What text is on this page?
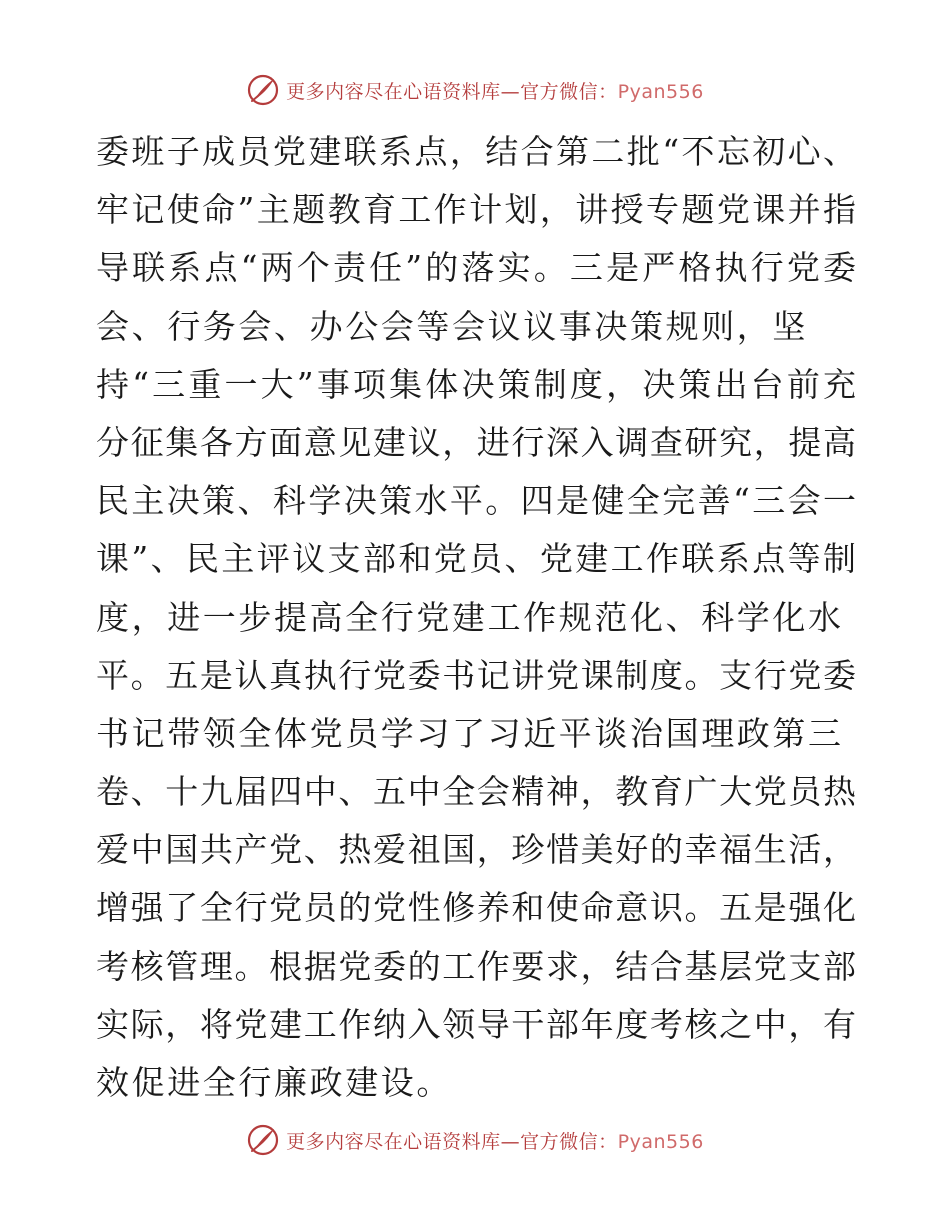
更多内容尽在心语资料库—官方微信：Pyan556
委班子成员党建联系点，结合第二批“不忘初心、
牢记使命”主题教育工作计划，讲授专题党课并指
导联系点“两个责任”的落实。三是严格执行党委
会、行务会、办公会等会议议事决策规则，坚
持“三重一大”事项集体决策制度，决策出台前充
分征集各方面意见建议，进行深入调查研究，提高
民主决策、科学决策水平。四是健全完善“三会一
课”、民主评议支部和党员、党建工作联系点等制
度，进一步提高全行党建工作规范化、科学化水
平。五是认真执行党委书记讲党课制度。支行党委
书记带领全体党员学习了习近平谈治国理政第三
卷、十九届四中、五中全会精神，教育广大党员热
爱中国共产党、热爱祖国，珍惜美好的幸福生活，
增强了全行党员的党性修养和使命意识。五是强化
考核管理。根据党委的工作要求，结合基层党支部
实际，将党建工作纳入领导干部年度考核之中，有
效促进全行廉政建设。
更多内容尽在心语资料库—官方微信：Pyan556
